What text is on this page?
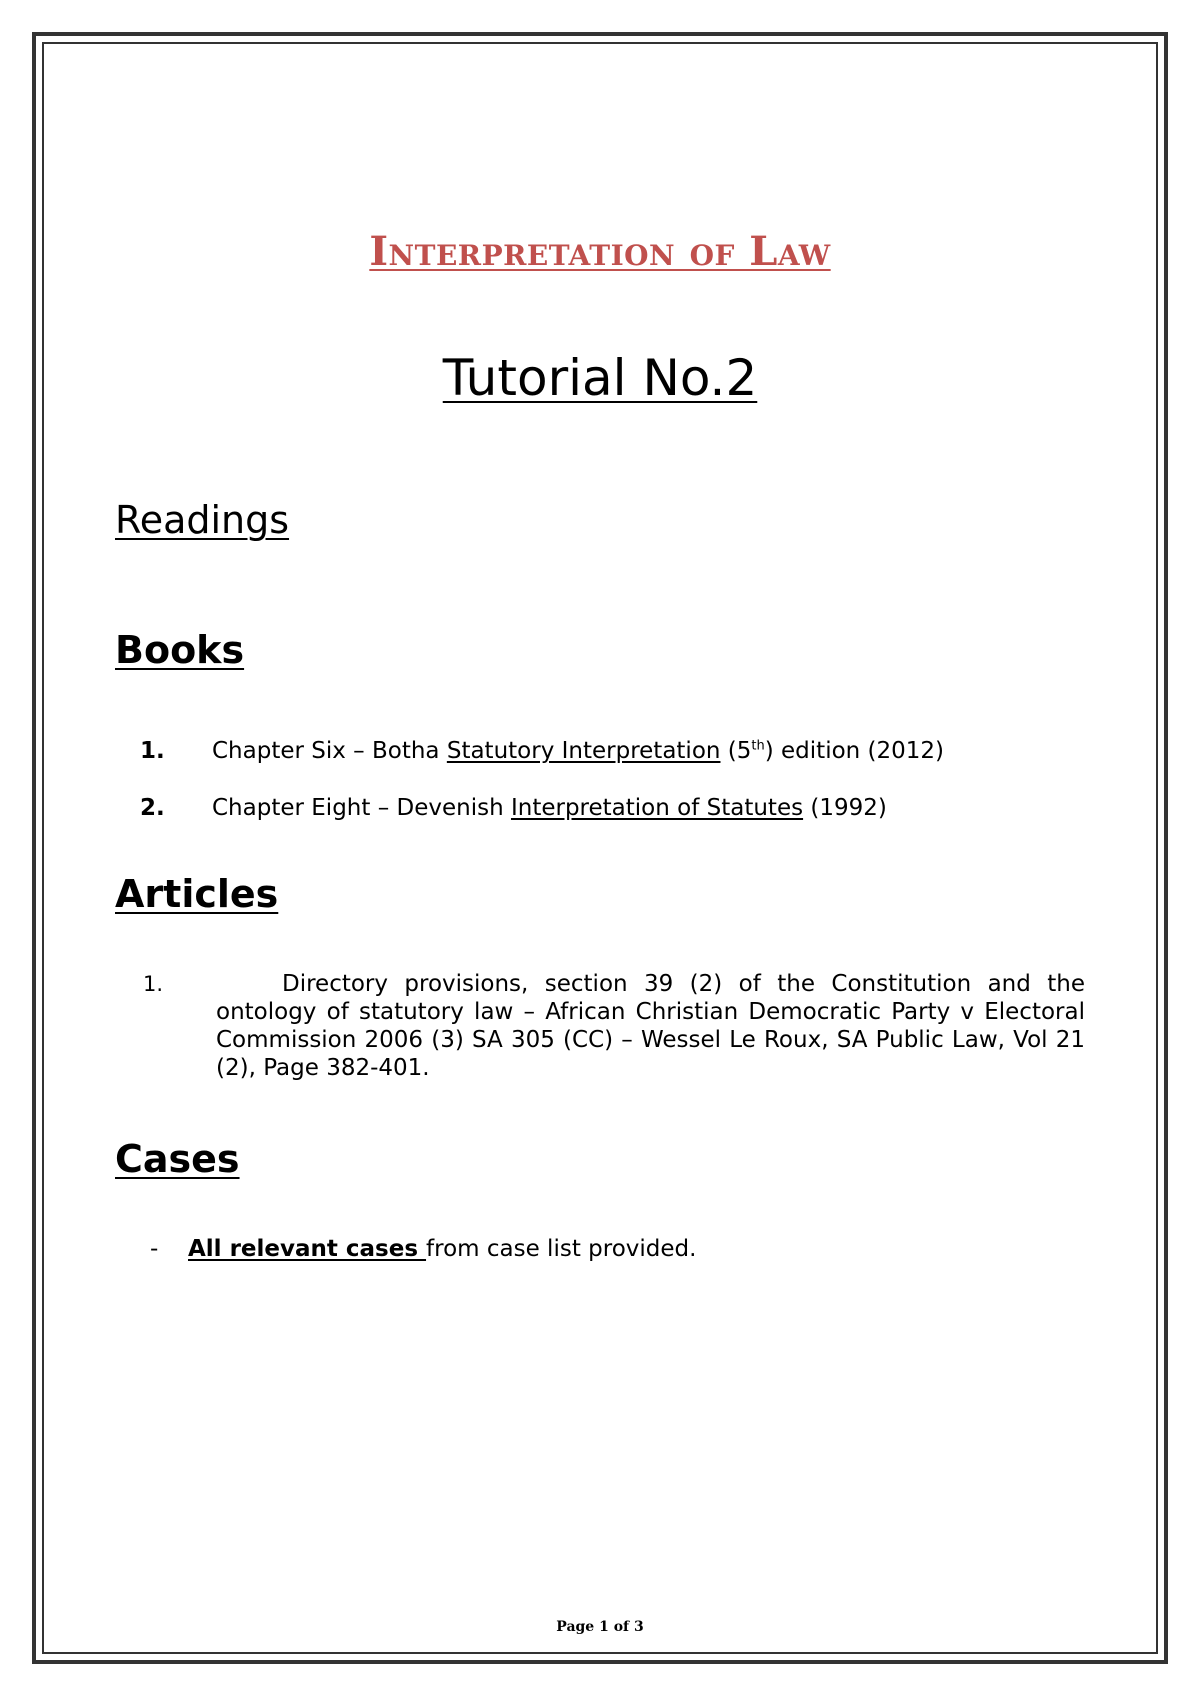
Interpretation of Law
Tutorial No.2
Readings
Books
1. Chapter Six – Botha Statutory Interpretation (5th) edition (2012)
2. Chapter Eight – Devenish Interpretation of Statutes (1992)
Articles
1.	Directory provisions, section 39 (2) of the Constitution and the ontology of statutory law – African Christian Democratic Party v Electoral Commission 2006 (3) SA 305 (CC) – Wessel Le Roux, SA Public Law, Vol 21 (2), Page 382-401.
Cases
- All relevant cases from case list provided.
Page 1 of 3
